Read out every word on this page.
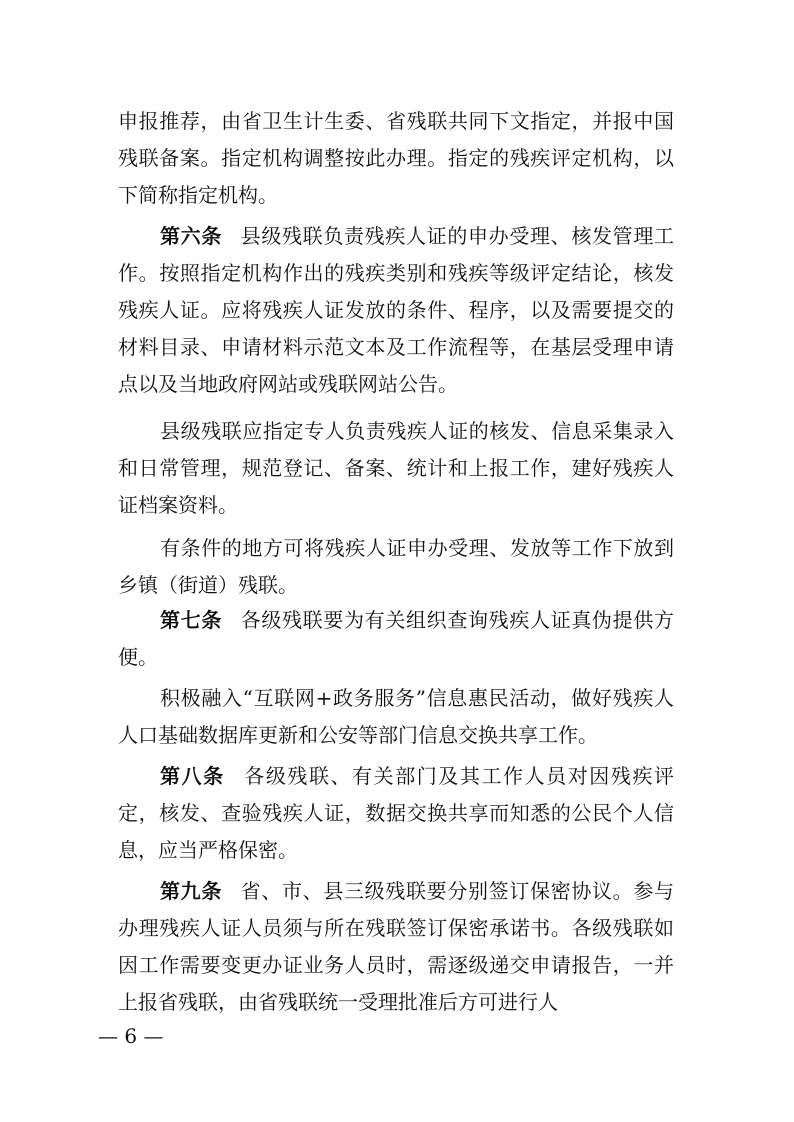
申报推荐，由省卫生计生委、省残联共同下文指定，并报中国残联备案。指定机构调整按此办理。指定的残疾评定机构，以下简称指定机构。

第六条 县级残联负责残疾人证的申办受理、核发管理工作。按照指定机构作出的残疾类别和残疾等级评定结论，核发残疾人证。应将残疾人证发放的条件、程序，以及需要提交的材料目录、申请材料示范文本及工作流程等，在基层受理申请点以及当地政府网站或残联网站公告。

县级残联应指定专人负责残疾人证的核发、信息采集录入和日常管理，规范登记、备案、统计和上报工作，建好残疾人证档案资料。

有条件的地方可将残疾人证申办受理、发放等工作下放到乡镇（街道）残联。

第七条 各级残联要为有关组织查询残疾人证真伪提供方便。

积极融入“互联网+政务服务”信息惠民活动，做好残疾人人口基础数据库更新和公安等部门信息交换共享工作。

第八条 各级残联、有关部门及其工作人员对因残疾评定，核发、查验残疾人证，数据交换共享而知悉的公民个人信息，应当严格保密。

第九条 省、市、县三级残联要分别签订保密协议。参与办理残疾人证人员须与所在残联签订保密承诺书。各级残联如因工作需要变更办证业务人员时，需逐级递交申请报告，一并上报省残联，由省残联统一受理批准后方可进行人

— 6 —
